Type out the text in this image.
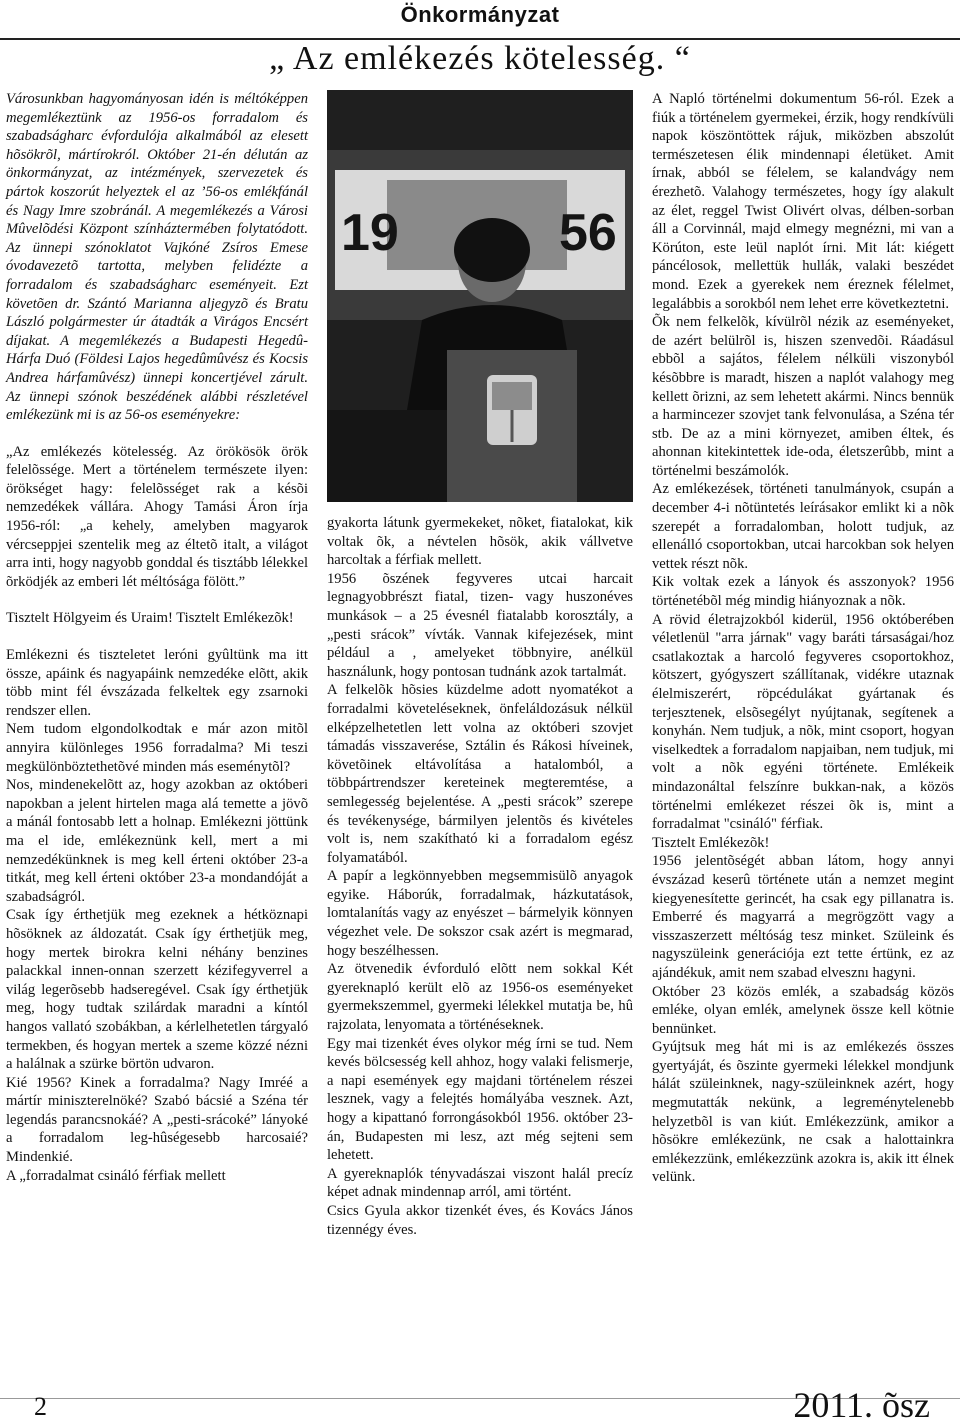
Önkormányzat
„ Az emlékezés kötelesség. “

Városunkban hagyományosan idén is méltóképpen megemlékeztünk az 1956-os forradalom és szabadságharc évfordulója alkalmából az elesett hõsökrõl, mártírokról. Október 21-én délután az önkormányzat, az intézmények, szervezetek és pártok koszorút helyeztek el az ’56-os emlékfánál és Nagy Imre szobránál. A megemlékezés a Városi Mûvelõdési Központ színháztermében folytatódott. Az ünnepi szónoklatot Vajkóné Zsíros Emese óvodavezetõ tartotta, melyben felidézte a forradalom és szabadságharc eseményeit. Ezt követõen dr. Szántó Marianna aljegyzõ és Bratu László polgármester úr átadták a Virágos Encsért díjakat. A megemlékezés a Budapesti Hegedû-Hárfa Duó (Földesi Lajos hegedûmûvész és Kocsis Andrea hárfamûvész) ünnepi koncertjével zárult. Az ünnepi szónok beszédének alábbi részletével emlékezünk mi is az 56-os eseményekre:

„Az emlékezés kötelesség. Az örökösök örök felelõssége. Mert a történelem természete ilyen: örökséget hagy: felelõsséget rak a késõi nemzedékek vállára. Ahogy Tamási Áron írja 1956-ról: „a kehely, amelyben magyarok vércseppjei szentelik meg az éltetõ italt, a világot arra inti, hogy nagyobb gonddal és tisztább lélekkel õrködjék az emberi lét méltósága fölött.”

Tisztelt Hölgyeim és Uraim! Tisztelt Emlékezõk!

Emlékezni és tiszteletet leróni gyûltünk ma itt össze, apáink és nagyapáink nemzedéke elõtt, akik több mint fél évszázada felkeltek egy zsarnoki rendszer ellen.

Nem tudom elgondolkodtak e már azon mitõl annyira különleges 1956 forradalma? Mi teszi megkülönböztethetõvé minden más eseménytõl?

Nos, mindenekelõtt az, hogy azokban az októberi napokban a jelent hirtelen maga alá temette a jövõ a mánál fontosabb lett a holnap. Emlékezni jöttünk ma el ide, emlékeznünk kell, mert a mi nemzedékünknek is meg kell érteni október 23-a titkát, meg kell érteni október 23-a mondandóját a szabadságról.

Csak így érthetjük meg ezeknek a hétköznapi hõsöknek az áldozatát. Csak így érthetjük meg, hogy mertek birokra kelni néhány benzines palackkal innen-onnan szerzett kézifegyverrel a világ legerõsebb hadseregével. Csak így érthetjük meg, hogy tudtak szilárdak maradni a kíntól hangos vallató szobákban, a kérlelhetetlen tárgyaló termekben, és hogyan mertek a szeme közzé nézni a halálnak a szürke börtön udvaron.

Kié 1956? Kinek a forradalma? Nagy Imréé a mártír miniszterelnöké? Szabó bácsié a Széna tér legendás parancsnokáé? A „pesti-srácoké” lányoké a forradalom leg-hûségesebb harcosaié? Mindenkié.

A „forradalmat csináló férfiak mellett

19	56

gyakorta látunk gyermekeket, nõket, fiatalokat, kik voltak õk, a névtelen hõsök, akik vállvetve harcoltak a férfiak mellett.

1956 õszének fegyveres utcai harcait legnagyobbrészt fiatal, tizen- vagy huszonéves munkások – a 25 évesnél fiatalabb korosztály, a „pesti srácok” vívták. Vannak kifejezések, mint például a , amelyeket többnyire, anélkül használunk, hogy pontosan tudnánk azok tartalmát.

A felkelõk hõsies küzdelme adott nyomatékot a forradalmi követeléseknek, önfeláldozásuk nélkül elképzelhetetlen lett volna az októberi szovjet támadás visszaverése, Sztálin és Rákosi híveinek, követõinek eltávolítása a hatalomból, a többpártrendszer kereteinek megteremtése, a semlegesség bejelentése. A „pesti srácok” szerepe és tevékenysége, bármilyen jelentõs és kivételes volt is, nem szakítható ki a forradalom egész folyamatából.

A papír a legkönnyebben megsemmisülõ anyagok egyike. Háborúk, forradalmak, házkutatások, lomtalanítás vagy az enyészet – bármelyik könnyen végezhet vele. De sokszor csak azért is megmarad, hogy beszélhessen.

Az ötvenedik évforduló elõtt nem sokkal Két gyereknapló került elõ az 1956-os eseményeket gyermekszemmel, gyermeki lélekkel mutatja be, hû rajzolata, lenyomata a történéseknek.

Egy mai tizenkét éves olykor még írni se tud. Nem kevés bölcsesség kell ahhoz, hogy valaki felismerje, a napi események egy majdani történelem részei lesznek, vagy a felejtés homályába vesznek. Azt, hogy a kipattanó forrongásokból 1956. október 23-án, Budapesten mi lesz, azt még sejteni sem lehetett.

A gyereknaplók tényvadászai viszont halál precíz képet adnak mindennap arról, ami történt.

Csics Gyula akkor tizenkét éves, és Kovács János tizennégy éves.

A Napló történelmi dokumentum 56-ról. Ezek a fiúk a történelem gyermekei, érzik, hogy rendkívüli napok köszöntöttek rájuk, miközben abszolút természetesen élik mindennapi életüket. Amit írnak, abból se félelem, se kalandvágy nem érezhetõ. Valahogy természetes, hogy így alakult az élet, reggel Twist Olivért olvas, délben-sorban áll a Corvinnál, majd elmegy megnézni, mi van a Körúton, este leül naplót írni. Mit lát: kiégett páncélosok, mellettük hullák, valaki beszédet mond. Ezek a gyerekek nem éreznek félelmet, legalábbis a sorokból nem lehet erre következtetni.

Õk nem felkelõk, kívülrõl nézik az eseményeket, de azért belülrõl is, hiszen szenvedõi. Ráadásul ebbõl a sajátos, félelem nélküli viszonyból késõbbre is maradt, hiszen a naplót valahogy meg kellett õrizni, az sem lehetett akármi. Nincs bennük a harmincezer szovjet tank felvonulása, a Széna tér stb. De az a mini környezet, amiben éltek, és ahonnan kitekintettek ide-oda, életszerûbb, mint a történelmi beszámolók.

Az emlékezések, történeti tanulmányok, csupán a december 4-i nõtüntetés leírásakor emlikt ki a nõk szerepét a forradalomban, holott tudjuk, az ellenálló csoportokban, utcai harcokban sok helyen vettek részt nõk.

Kik voltak ezek a lányok és asszonyok? 1956 történetébõl még mindig hiányoznak a nõk.

A rövid életrajzokból kiderül, 1956 októberében véletlenül "arra járnak" vagy baráti társaságai/hoz csatlakoztak a harcoló fegyveres csoportokhoz, kötszert, gyógyszert szállítanak, vidékre utaznak élelmiszerért, röpcédulákat gyártanak és terjesztenek, elsõsegélyt nyújtanak, segítenek a konyhán. Nem tudjuk, a nõk, mint csoport, hogyan viselkedtek a forradalom napjaiban, nem tudjuk, mi volt a nõk egyéni története. Emlékeik mindazonáltal felszínre bukkan-nak, a közös történelmi emlékezet részei õk is, mint a forradalmat "csináló" férfiak.

Tisztelt Emlékezõk!

1956 jelentõségét abban látom, hogy annyi évszázad keserû története után a nemzet megint kiegyenesítette gerincét, ha csak egy pillanatra is. Emberré és magyarrá a megrögzött vagy a visszaszerzett méltóság tesz minket. Szüleink és nagyszüleink generációja ezt tette értünk, ez az ajándékuk, amit nem szabad elvesznı hagyni.

Október 23 közös emlék, a szabadság közös emléke, olyan emlék, amelynek össze kell kötnie bennünket.

Gyújtsuk meg hát mi is az emlékezés összes gyertyáját, és õszinte gyermeki lélekkel mondjunk hálát szüleinknek, nagy-szüleinknek azért, hogy megmutatták nekünk, a legreménytelenebb helyzetbõl is van kiút. Emlékezzünk, amikor a hõsökre emlékezünk, ne csak a halottainkra emlékezzünk, emlékezzünk azokra is, akik itt élnek velünk.

2	2011. õsz
